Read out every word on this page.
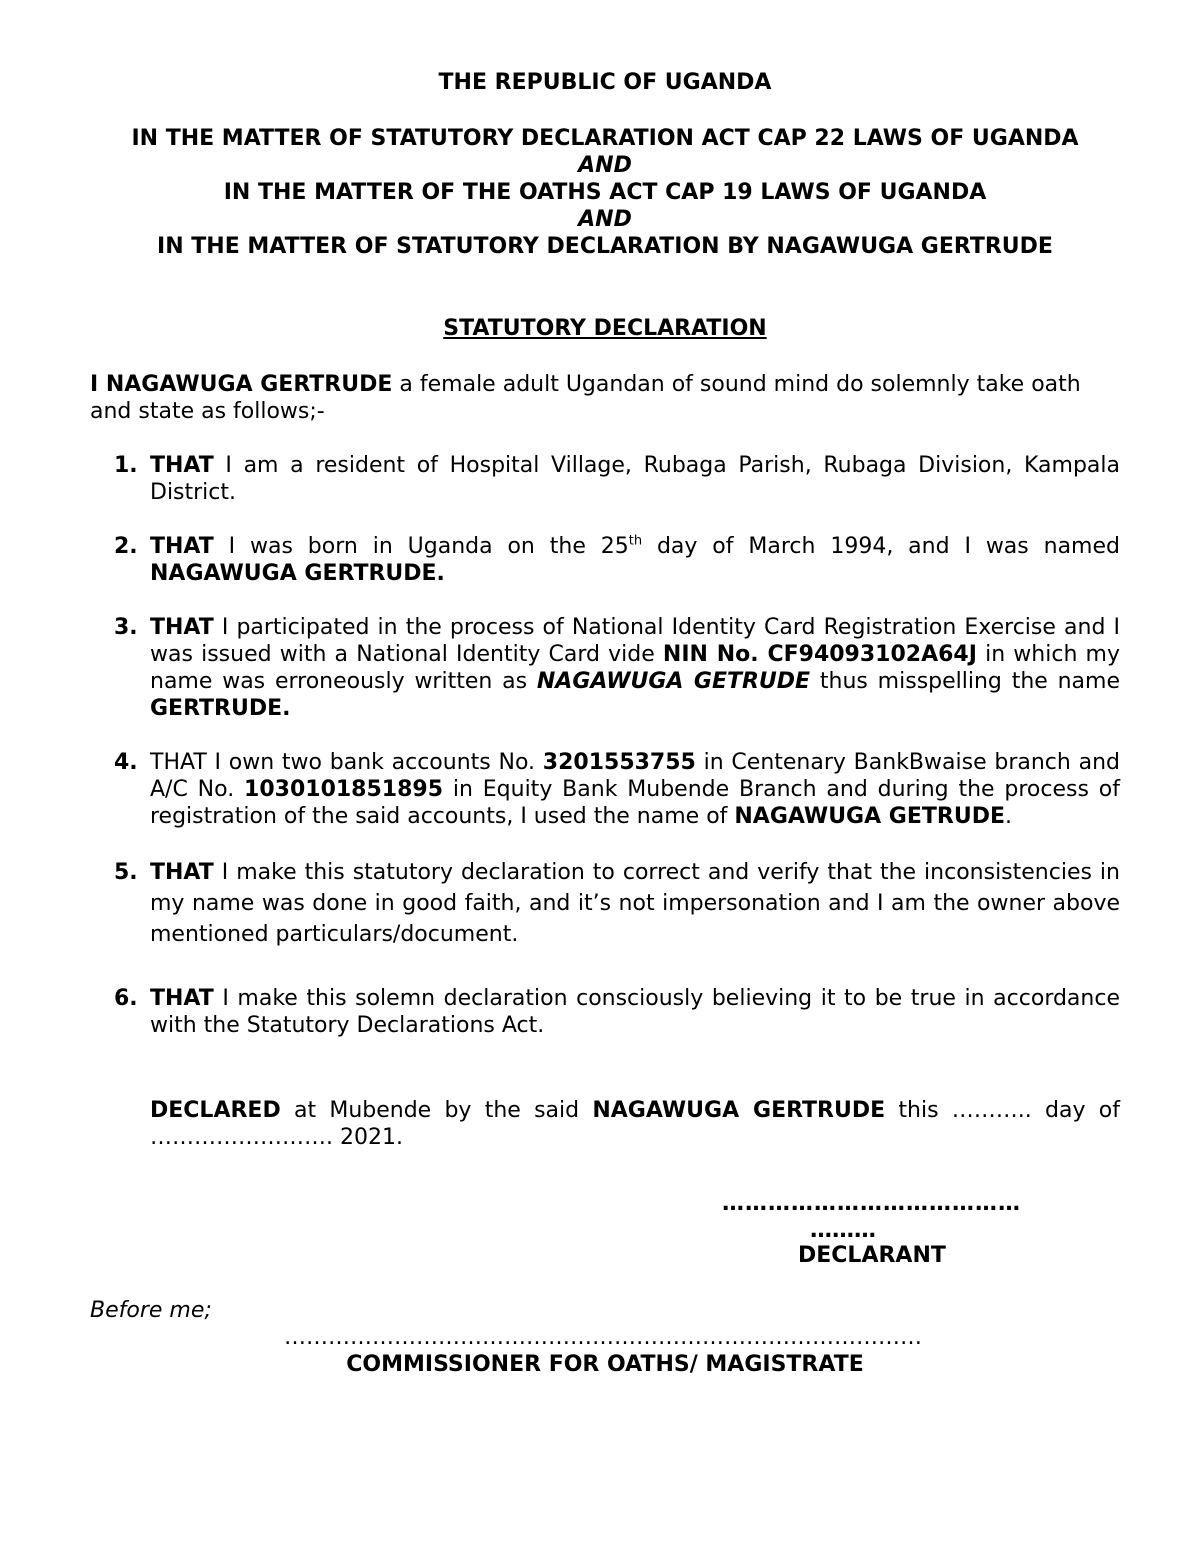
THE REPUBLIC OF UGANDA

IN THE MATTER OF STATUTORY DECLARATION ACT CAP 22 LAWS OF UGANDA

AND

IN THE MATTER OF THE OATHS ACT CAP 19 LAWS OF UGANDA

AND

IN THE MATTER OF STATUTORY DECLARATION BY NAGAWUGA GERTRUDE

STATUTORY DECLARATION

I NAGAWUGA GERTRUDE a female adult Ugandan of sound mind do solemnly take oath and state as follows;-

1. THAT I am a resident of Hospital Village, Rubaga Parish, Rubaga Division, Kampala District.

2. THAT I was born in Uganda on the 25th day of March 1994, and I was named NAGAWUGA GERTRUDE.

3. THAT I participated in the process of National Identity Card Registration Exercise and I was issued with a National Identity Card vide NIN No. CF94093102A64J in which my name was erroneously written as NAGAWUGA GETRUDE thus misspelling the name GERTRUDE.

4. THAT I own two bank accounts No. 3201553755 in Centenary BankBwaise branch and A/C No. 1030101851895 in Equity Bank Mubende Branch and during the process of registration of the said accounts, I used the name of NAGAWUGA GETRUDE.

5. THAT I make this statutory declaration to correct and verify that the inconsistencies in my name was done in good faith, and it’s not impersonation and I am the owner above mentioned particulars/document.

6. THAT I make this solemn declaration consciously believing it to be true in accordance with the Statutory Declarations Act.

DECLARED at Mubende by the said NAGAWUGA GERTRUDE this ……….. day of ……………………. 2021.

…………………………………

………

DECLARANT

Before me;

……………………………………………………………………………

COMMISSIONER FOR OATHS/ MAGISTRATE
